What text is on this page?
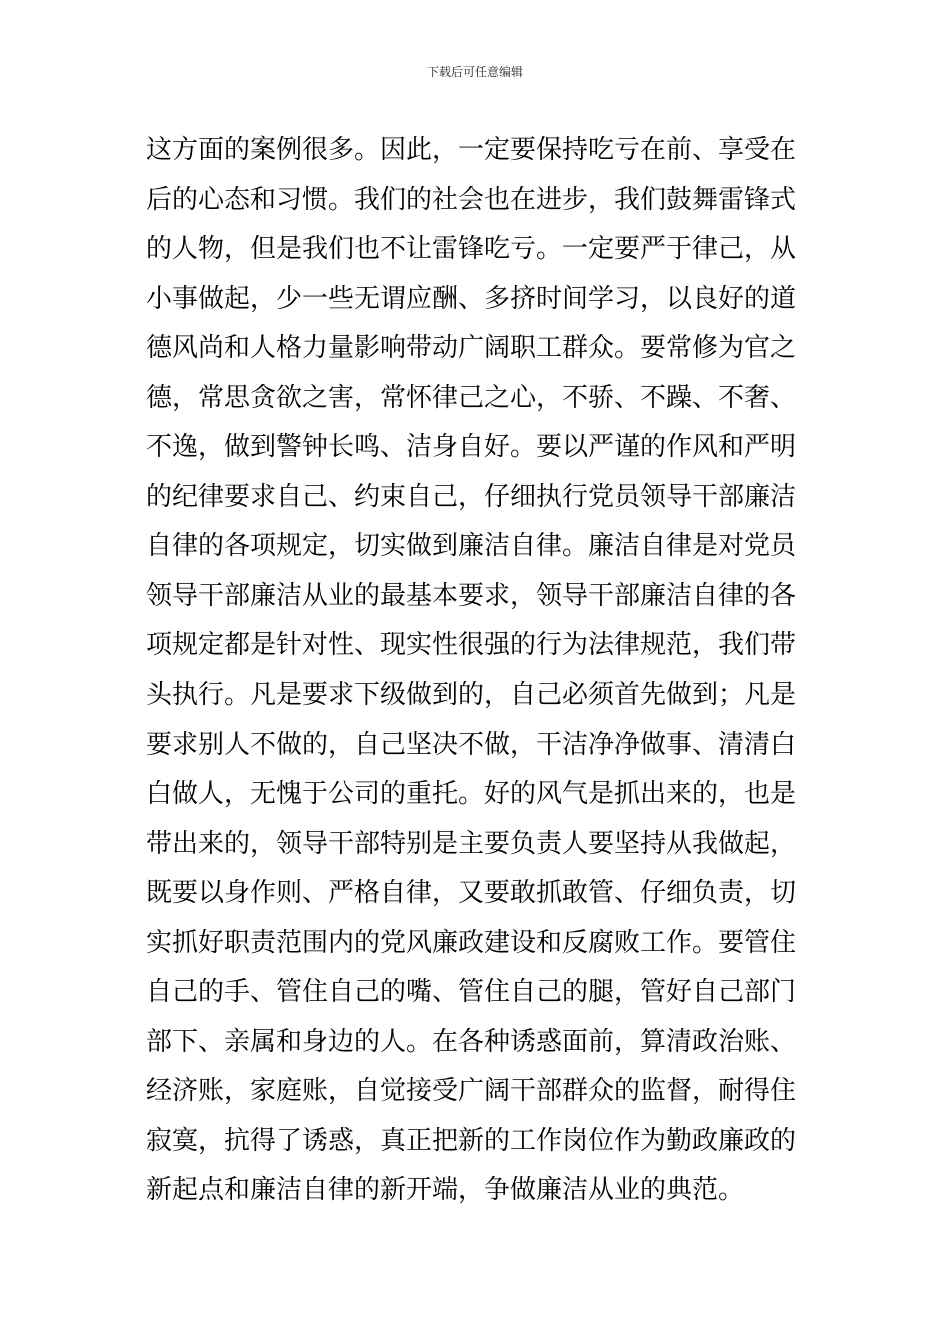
下载后可任意编辑
这方面的案例很多。因此，一定要保持吃亏在前、享受在
后的心态和习惯。我们的社会也在进步，我们鼓舞雷锋式
的人物，但是我们也不让雷锋吃亏。一定要严于律己，从
小事做起，少一些无谓应酬、多挤时间学习，以良好的道
德风尚和人格力量影响带动广阔职工群众。要常修为官之
德，常思贪欲之害，常怀律己之心，不骄、不躁、不奢、
不逸，做到警钟长鸣、洁身自好。要以严谨的作风和严明
的纪律要求自己、约束自己，仔细执行党员领导干部廉洁
自律的各项规定，切实做到廉洁自律。廉洁自律是对党员
领导干部廉洁从业的最基本要求，领导干部廉洁自律的各
项规定都是针对性、现实性很强的行为法律规范，我们带
头执行。凡是要求下级做到的，自己必须首先做到；凡是
要求别人不做的，自己坚决不做，干洁净净做事、清清白
白做人，无愧于公司的重托。好的风气是抓出来的，也是
带出来的，领导干部特别是主要负责人要坚持从我做起，
既要以身作则、严格自律，又要敢抓敢管、仔细负责，切
实抓好职责范围内的党风廉政建设和反腐败工作。要管住
自己的手、管住自己的嘴、管住自己的腿，管好自己部门
部下、亲属和身边的人。在各种诱惑面前，算清政治账、
经济账，家庭账，自觉接受广阔干部群众的监督，耐得住
寂寞，抗得了诱惑，真正把新的工作岗位作为勤政廉政的
新起点和廉洁自律的新开端，争做廉洁从业的典范。
